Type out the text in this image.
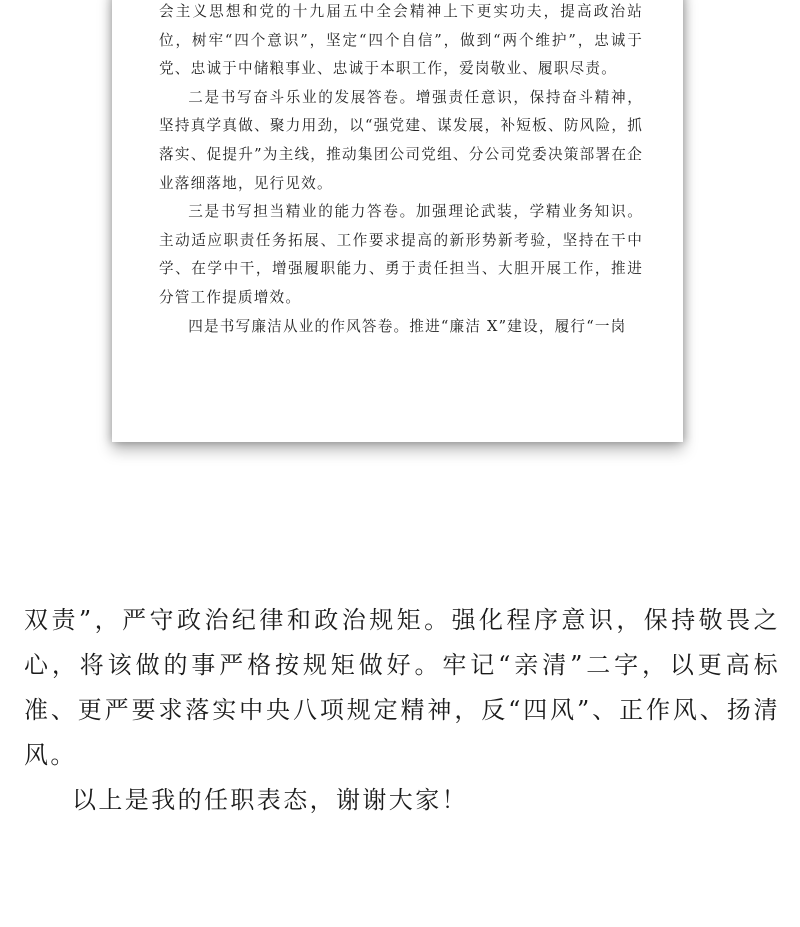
会主义思想和党的十九届五中全会精神上下更实功夫，提高政治站位，树牢“四个意识”，坚定“四个自信”，做到“两个维护”，忠诚于党、忠诚于中储粮事业、忠诚于本职工作，爱岗敬业、履职尽责。

二是书写奋斗乐业的发展答卷。增强责任意识，保持奋斗精神，坚持真学真做、聚力用劲，以“强党建、谋发展，补短板、防风险，抓落实、促提升”为主线，推动集团公司党组、分公司党委决策部署在企业落细落地，见行见效。

三是书写担当精业的能力答卷。加强理论武装，学精业务知识。主动适应职责任务拓展、工作要求提高的新形势新考验，坚持在干中学、在学中干，增强履职能力、勇于责任担当、大胆开展工作，推进分管工作提质增效。

四是书写廉洁从业的作风答卷。推进“廉洁 X”建设，履行“一岗

双责”，严守政治纪律和政治规矩。强化程序意识，保持敬畏之心，将该做的事严格按规矩做好。牢记“亲清”二字，以更高标准、更严要求落实中央八项规定精神，反“四风”、正作风、扬清风。

以上是我的任职表态，谢谢大家！
